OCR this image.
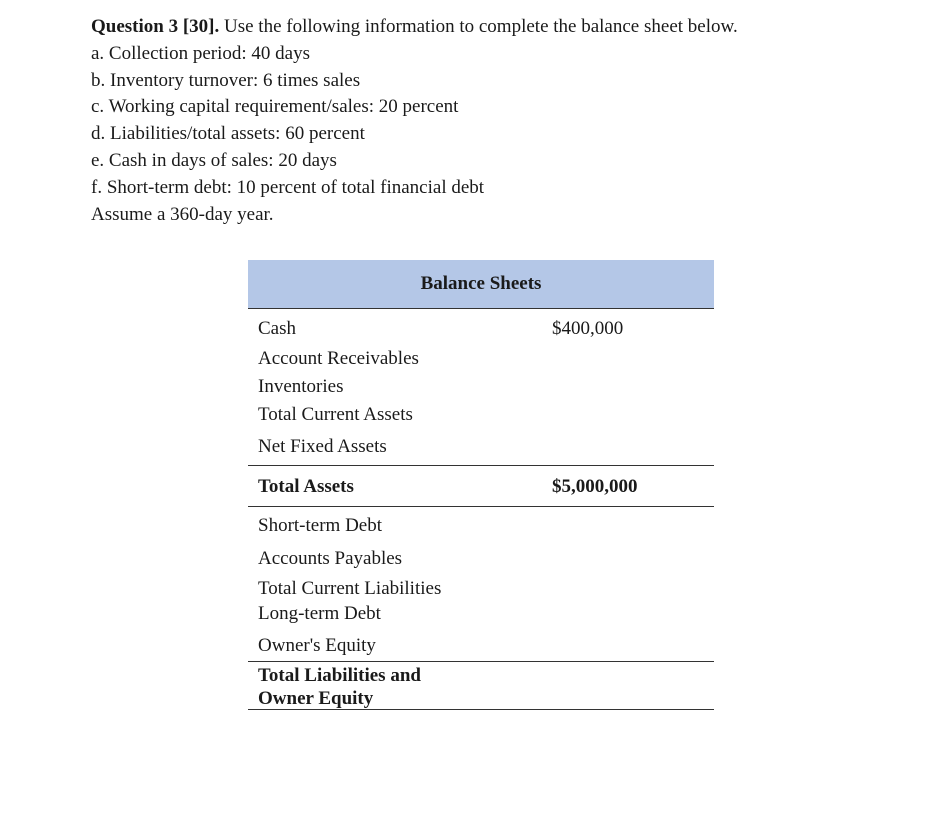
Question 3 [30]. Use the following information to complete the balance sheet below.
a. Collection period: 40 days
b. Inventory turnover: 6 times sales
c. Working capital requirement/sales: 20 percent
d. Liabilities/total assets: 60 percent
e. Cash in days of sales: 20 days
f. Short-term debt: 10 percent of total financial debt
Assume a 360-day year.
Balance Sheets
Cash	$400,000
Account Receivables
Inventories
Total Current Assets
Net Fixed Assets
Total Assets	$5,000,000
Short-term Debt
Accounts Payables
Total Current Liabilities
Long-term Debt
Owner's Equity
Total Liabilities and
Owner Equity
